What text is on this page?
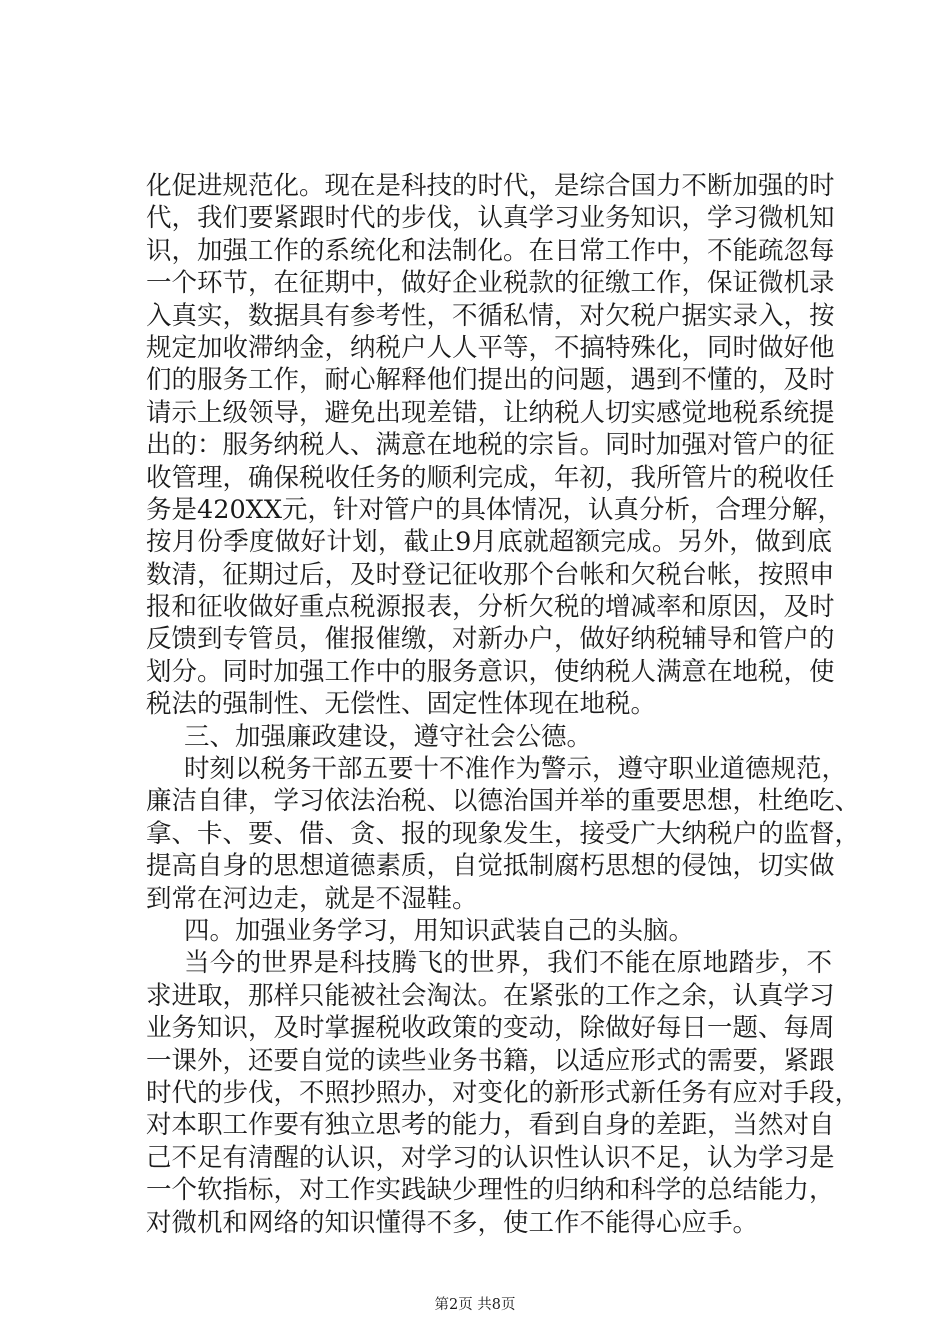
化促进规范化。现在是科技的时代，是综合国力不断加强的时
代，我们要紧跟时代的步伐，认真学习业务知识，学习微机知
识，加强工作的系统化和法制化。在日常工作中，不能疏忽每
一个环节，在征期中，做好企业税款的征缴工作，保证微机录
入真实，数据具有参考性，不循私情，对欠税户据实录入，按
规定加收滞纳金，纳税户人人平等，不搞特殊化，同时做好他
们的服务工作，耐心解释他们提出的问题，遇到不懂的，及时
请示上级领导，避免出现差错，让纳税人切实感觉地税系统提
出的：服务纳税人、满意在地税的宗旨。同时加强对管户的征
收管理，确保税收任务的顺利完成，年初，我所管片的税收任
务是420XX元，针对管户的具体情况，认真分析，合理分解，
按月份季度做好计划，截止9月底就超额完成。另外，做到底
数清，征期过后，及时登记征收那个台帐和欠税台帐，按照申
报和征收做好重点税源报表，分析欠税的增减率和原因，及时
反馈到专管员，催报催缴，对新办户，做好纳税辅导和管户的
划分。同时加强工作中的服务意识，使纳税人满意在地税，使
税法的强制性、无偿性、固定性体现在地税。
三、加强廉政建设，遵守社会公德。
时刻以税务干部五要十不准作为警示，遵守职业道德规范，
廉洁自律，学习依法治税、以德治国并举的重要思想，杜绝吃、
拿、卡、要、借、贪、报的现象发生，接受广大纳税户的监督，
提高自身的思想道德素质，自觉抵制腐朽思想的侵蚀，切实做
到常在河边走，就是不湿鞋。
四。加强业务学习，用知识武装自己的头脑。
当今的世界是科技腾飞的世界，我们不能在原地踏步，不
求进取，那样只能被社会淘汰。在紧张的工作之余，认真学习
业务知识，及时掌握税收政策的变动，除做好每日一题、每周
一课外，还要自觉的读些业务书籍，以适应形式的需要，紧跟
时代的步伐，不照抄照办，对变化的新形式新任务有应对手段，
对本职工作要有独立思考的能力，看到自身的差距，当然对自
己不足有清醒的认识，对学习的认识性认识不足，认为学习是
一个软指标，对工作实践缺少理性的归纳和科学的总结能力，
对微机和网络的知识懂得不多，使工作不能得心应手。
第2页 共8页
